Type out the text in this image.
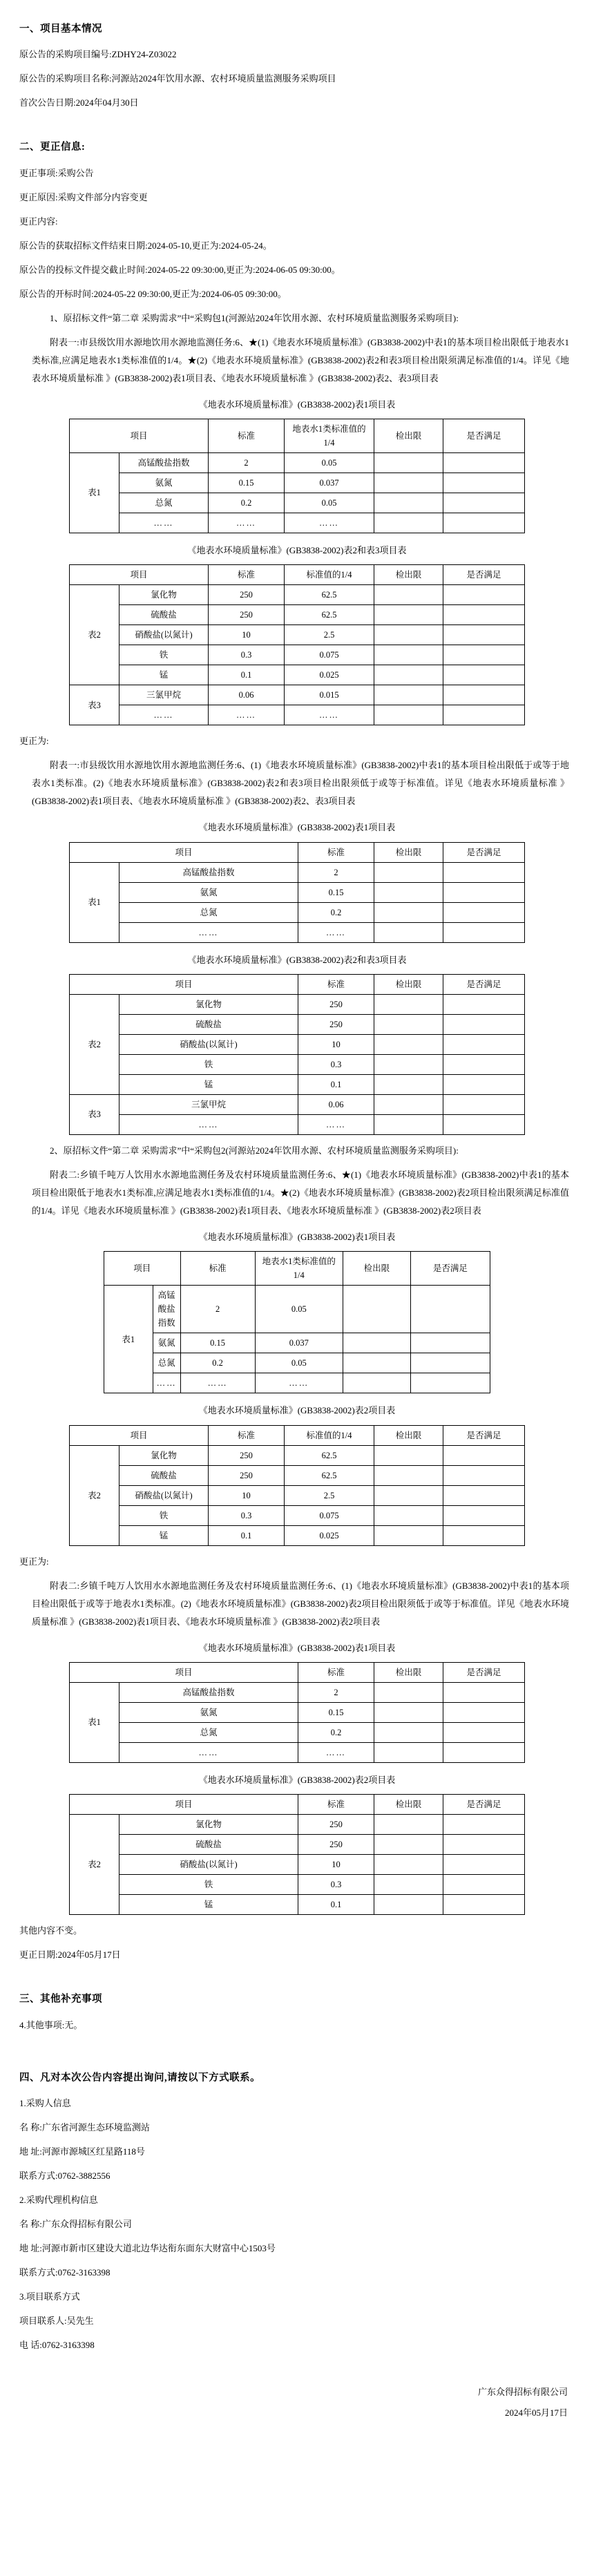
一、项目基本情况
原公告的采购项目编号:ZDHY24-Z03022
原公告的采购项目名称:河源站2024年饮用水源、农村环境质量监测服务采购项目
首次公告日期:2024年04月30日
二、更正信息:
更正事项:采购公告
更正原因:采购文件部分内容变更
更正内容:
原公告的获取招标文件结束日期:2024-05-10,更正为:2024-05-24。
原公告的投标文件提交截止时间:2024-05-22 09:30:00,更正为:2024-06-05 09:30:00。
原公告的开标时间:2024-05-22 09:30:00,更正为:2024-06-05 09:30:00。
1、原招标文件“第二章 采购需求”中“采购包1(河源站2024年饮用水源、农村环境质量监测服务采购项目):
附表一:市县级饮用水源地饮用水源地监测任务:6、★(1)《地表水环境质量标准》(GB3838-2002)中表1的基本项目检出限低于地表水1类标准,应满足地表水1类标准值的1/4。★(2)《地表水环境质量标准》(GB3838-2002)表2和表3项目检出限须满足标准值的1/4。详见《地表水环境质量标准 》(GB3838-2002)表1项目表、《地表水环境质量标准 》(GB3838-2002)表2、表3项目表
《地表水环境质量标准》(GB3838-2002)表1项目表
项目		标准	地表水1类标准值的1/4	检出限	是否满足
表1	高锰酸盐指数	2	0.05		
	氨氮	0.15	0.037		
	总氮	0.2	0.05		
	……	……	……		
《地表水环境质量标准》(GB3838-2002)表2和表3项目表
项目		标准	标准值的1/4	检出限	是否满足
表2	氯化物	250	62.5		
	硫酸盐	250	62.5		
	硝酸盐(以氮计)	10	2.5		
	铁	0.3	0.075		
	锰	0.1	0.025		
表3	三氯甲烷	0.06	0.015		
	……	……	……		
更正为:
附表一:市县级饮用水源地饮用水源地监测任务:6、(1)《地表水环境质量标准》(GB3838-2002)中表1的基本项目检出限低于或等于地表水1类标准。(2)《地表水环境质量标准》(GB3838-2002)表2和表3项目检出限须低于或等于标准值。详见《地表水环境质量标准 》(GB3838-2002)表1项目表、《地表水环境质量标准 》(GB3838-2002)表2、表3项目表
《地表水环境质量标准》(GB3838-2002)表1项目表
项目		标准	检出限	是否满足
表1	高锰酸盐指数	2		
	氨氮	0.15		
	总氮	0.2		
	……	……		
《地表水环境质量标准》(GB3838-2002)表2和表3项目表
项目		标准	检出限	是否满足
表2	氯化物	250		
	硫酸盐	250		
	硝酸盐(以氮计)	10		
	铁	0.3		
	锰	0.1		
表3	三氯甲烷	0.06		
	……	……		
2、原招标文件“第二章 采购需求”中“采购包2(河源站2024年饮用水源、农村环境质量监测服务采购项目):
附表二:乡镇千吨万人饮用水水源地监测任务及农村环境质量监测任务:6、★(1)《地表水环境质量标准》(GB3838-2002)中表1的基本项目检出限低于地表水1类标准,应满足地表水1类标准值的1/4。★(2)《地表水环境质量标准》(GB3838-2002)表2项目检出限须满足标准值的1/4。详见《地表水环境质量标准 》(GB3838-2002)表1项目表、《地表水环境质量标准 》(GB3838-2002)表2项目表
《地表水环境质量标准》(GB3838-2002)表1项目表
项目		标准	地表水1类标准值的1/4	检出限	是否满足
表1	高锰酸盐指数	2	0.05		
	氨氮	0.15	0.037		
	总氮	0.2	0.05		
	……	……	……		
《地表水环境质量标准》(GB3838-2002)表2项目表
项目		标准	标准值的1/4	检出限	是否满足
表2	氯化物	250	62.5		
	硫酸盐	250	62.5		
	硝酸盐(以氮计)	10	2.5		
	铁	0.3	0.075		
	锰	0.1	0.025		
更正为:
附表二:乡镇千吨万人饮用水水源地监测任务及农村环境质量监测任务:6、(1)《地表水环境质量标准》(GB3838-2002)中表1的基本项目检出限低于或等于地表水1类标准。(2)《地表水环境质量标准》(GB3838-2002)表2项目检出限须低于或等于标准值。详见《地表水环境质量标准 》(GB3838-2002)表1项目表、《地表水环境质量标准 》(GB3838-2002)表2项目表
《地表水环境质量标准》(GB3838-2002)表1项目表
项目		标准	检出限	是否满足
表1	高锰酸盐指数	2		
	氨氮	0.15		
	总氮	0.2		
	……	……		
《地表水环境质量标准》(GB3838-2002)表2项目表
项目		标准	检出限	是否满足
表2	氯化物	250		
	硫酸盐	250		
	硝酸盐(以氮计)	10		
	铁	0.3		
	锰	0.1		
其他内容不变。
更正日期:2024年05月17日
三、其他补充事项
4.其他事项:无。
四、凡对本次公告内容提出询问,请按以下方式联系。
1.采购人信息
名 称:广东省河源生态环境监测站
地 址:河源市源城区红星路118号
联系方式:0762-3882556
2.采购代理机构信息
名 称:广东众得招标有限公司
地 址:河源市新市区建设大道北边华达衔东面东大财富中心1503号
联系方式:0762-3163398
3.项目联系方式
项目联系人:吴先生
电 话:0762-3163398
广东众得招标有限公司
2024年05月17日
